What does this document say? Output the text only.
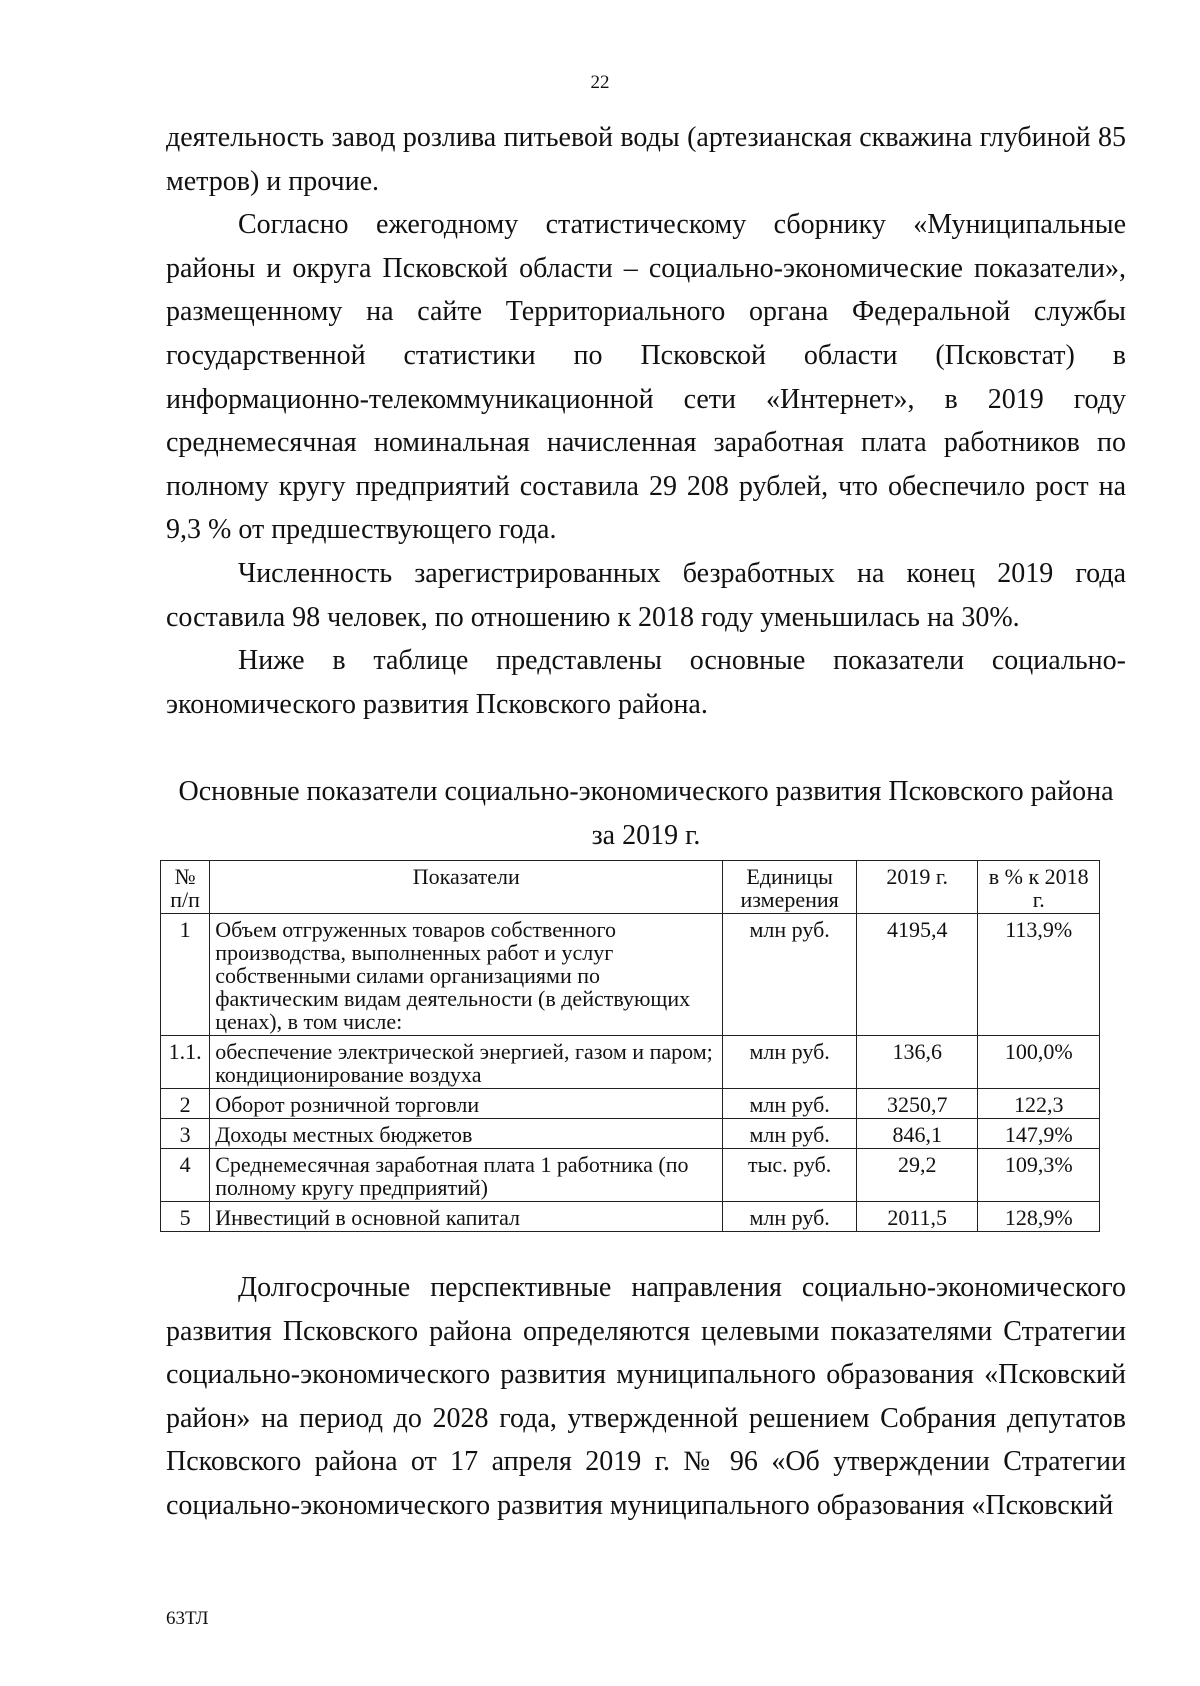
22

деятельность завод розлива питьевой воды (артезианская скважина глубиной 85 метров) и прочие.

Согласно ежегодному статистическому сборнику «Муниципальные районы и округа Псковской области – социально-экономические показатели», размещенному на сайте Территориального органа Федеральной службы государственной статистики по Псковской области (Псковстат) в информационно-телекоммуникационной сети «Интернет», в 2019 году среднемесячная номинальная начисленная заработная плата работников по полному кругу предприятий составила 29 208 рублей, что обеспечило рост на 9,3 % от предшествующего года.

Численность зарегистрированных безработных на конец 2019 года составила 98 человек, по отношению к 2018 году уменьшилась на 30%.

Ниже в таблице представлены основные показатели социально-экономического развития Псковского района.

Основные показатели социально-экономического развития Псковского района за 2019 г.
№ п/п	Показатели	Единицы измерения	2019 г.	в % к 2018 г.
1	Объем отгруженных товаров собственного производства, выполненных работ и услуг собственными силами организациями по фактическим видам деятельности (в действующих ценах), в том числе:	млн руб.	4195,4	113,9%
1.1.	обеспечение электрической энергией, газом и паром; кондиционирование воздуха	млн руб.	136,6	100,0%
2	Оборот розничной торговли	млн руб.	3250,7	122,3
3	Доходы местных бюджетов	млн руб.	846,1	147,9%
4	Среднемесячная заработная плата 1 работника (по полному кругу предприятий)	тыс. руб.	29,2	109,3%
5	Инвестиций в основной капитал	млн руб.	2011,5	128,9%

Долгосрочные перспективные направления социально-экономического развития Псковского района определяются целевыми показателями Стратегии социально-экономического развития муниципального образования «Псковский район» на период до 2028 года, утвержденной решением Собрания депутатов Псковского района от 17 апреля 2019 г. № 96 «Об утверждении Стратегии социально-экономического развития муниципального образования «Псковский

63ТЛ
